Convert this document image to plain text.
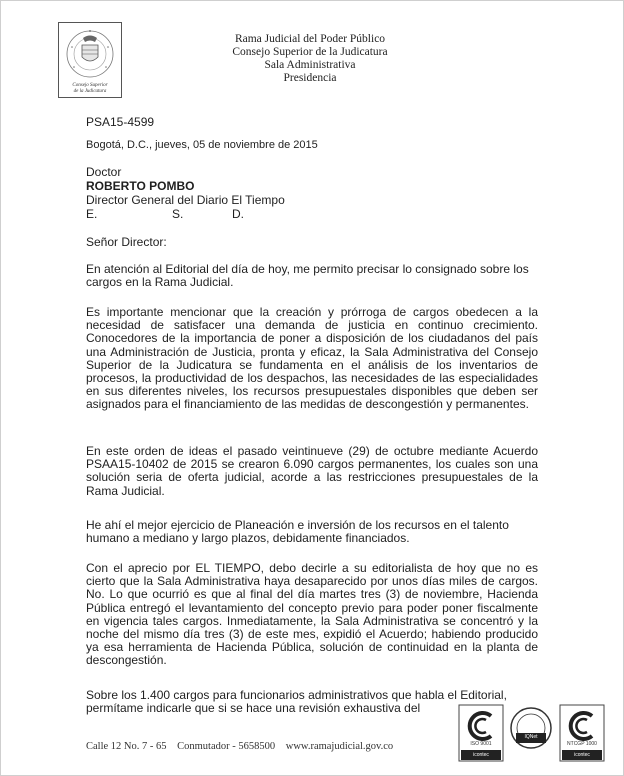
Consejo Superior
de la Judicatura
Rama Judicial del Poder Público
Consejo Superior de la Judicatura
Sala Administrativa
Presidencia
PSA15-4599
Bogotá, D.C., jueves, 05 de noviembre de 2015
Doctor
ROBERTO POMBO
Director General del Diario El Tiempo
E.	S.	D.
Señor Director:
En atención al Editorial del día de hoy, me permito precisar lo consignado sobre los cargos en la Rama Judicial.
Es importante mencionar que la creación y prórroga de cargos obedecen a la necesidad de satisfacer una demanda de justicia en continuo crecimiento. Conocedores de la importancia de poner a disposición de los ciudadanos del país una Administración de Justicia, pronta y eficaz, la Sala Administrativa del Consejo Superior de la Judicatura se fundamenta en el análisis de los inventarios de procesos, la productividad de los despachos, las necesidades de las especialidades en sus diferentes niveles, los recursos presupuestales disponibles que deben ser asignados para el financiamiento de las medidas de descongestión y permanentes.
En este orden de ideas el pasado veintinueve (29) de octubre mediante Acuerdo PSAA15-10402 de 2015 se crearon 6.090 cargos permanentes, los cuales son una solución seria de oferta judicial, acorde a las restricciones presupuestales de la Rama Judicial.
He ahí el mejor ejercicio de Planeación e inversión de los recursos en el talento humano a mediano y largo plazos, debidamente financiados.
Con el aprecio por EL TIEMPO, debo decirle a su editorialista de hoy que no es cierto que la Sala Administrativa haya desaparecido por unos días miles de cargos. No. Lo que ocurrió es que al final del día martes tres (3) de noviembre, Hacienda Pública entregó el levantamiento del concepto previo para poder poner fiscalmente en vigencia tales cargos. Inmediatamente, la Sala Administrativa se concentró y la noche del mismo día tres (3) de este mes, expidió el Acuerdo; habiendo producido ya esa herramienta de Hacienda Pública, solución de continuidad en la planta de descongestión.
Sobre los 1.400 cargos para funcionarios administrativos que habla el Editorial,
permítame indicarle que si se hace una revisión exhaustiva del
Calle 12 No. 7 - 65 Conmutador - 5658500 www.ramajudicial.gov.co	ISO 9001
icontec
IQNet
NTCGP 1000
icontec
